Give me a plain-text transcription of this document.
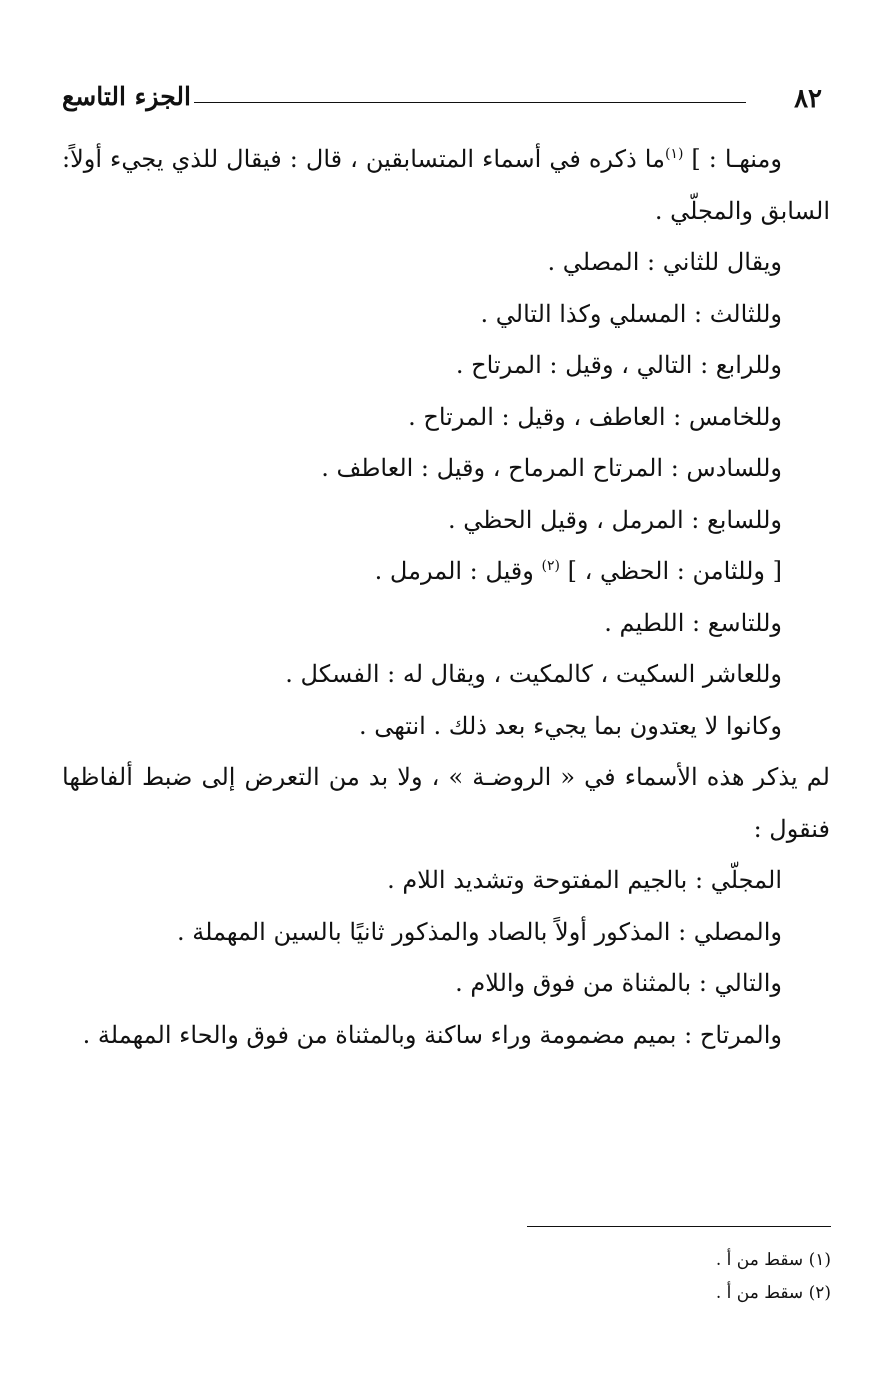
٨٢
الجزء التاسع

ومنهـا : ] $^{(١)}$ما ذكره في أسماء المتسابقين ، قال : فيقال للذي يجيء أولاً: السابق والمجلّي .

ويقال للثاني : المصلي .

وللثالث : المسلي وكذا التالي .

وللرابع : التالي ، وقيل : المرتاح .

وللخامس : العاطف ، وقيل : المرتاح .

وللسادس : المرتاح المرماح ، وقيل : العاطف .

وللسابع : المرمل ، وقيل الحظي .

[ وللثامن : الحظي ، ] $^{(٢)}$ وقيل : المرمل .

وللتاسع : اللطيم .

وللعاشر السكيت ، كالمكيت ، ويقال له : الفسكل .

وكانوا لا يعتدون بما يجيء بعد ذلك . انتهى .

لم يذكر هذه الأسماء في « الروضـة » ، ولا بد من التعرض إلى ضبط ألفاظها فنقول :

المجلّي : بالجيم المفتوحة وتشديد اللام .

والمصلي : المذكور أولاً بالصاد والمذكور ثانيًا بالسين المهملة .

والتالي : بالمثناة من فوق واللام .

والمرتاح : بميم مضمومة وراء ساكنة وبالمثناة من فوق والحاء المهملة .

(١) سقط من أ .

(٢) سقط من أ .
